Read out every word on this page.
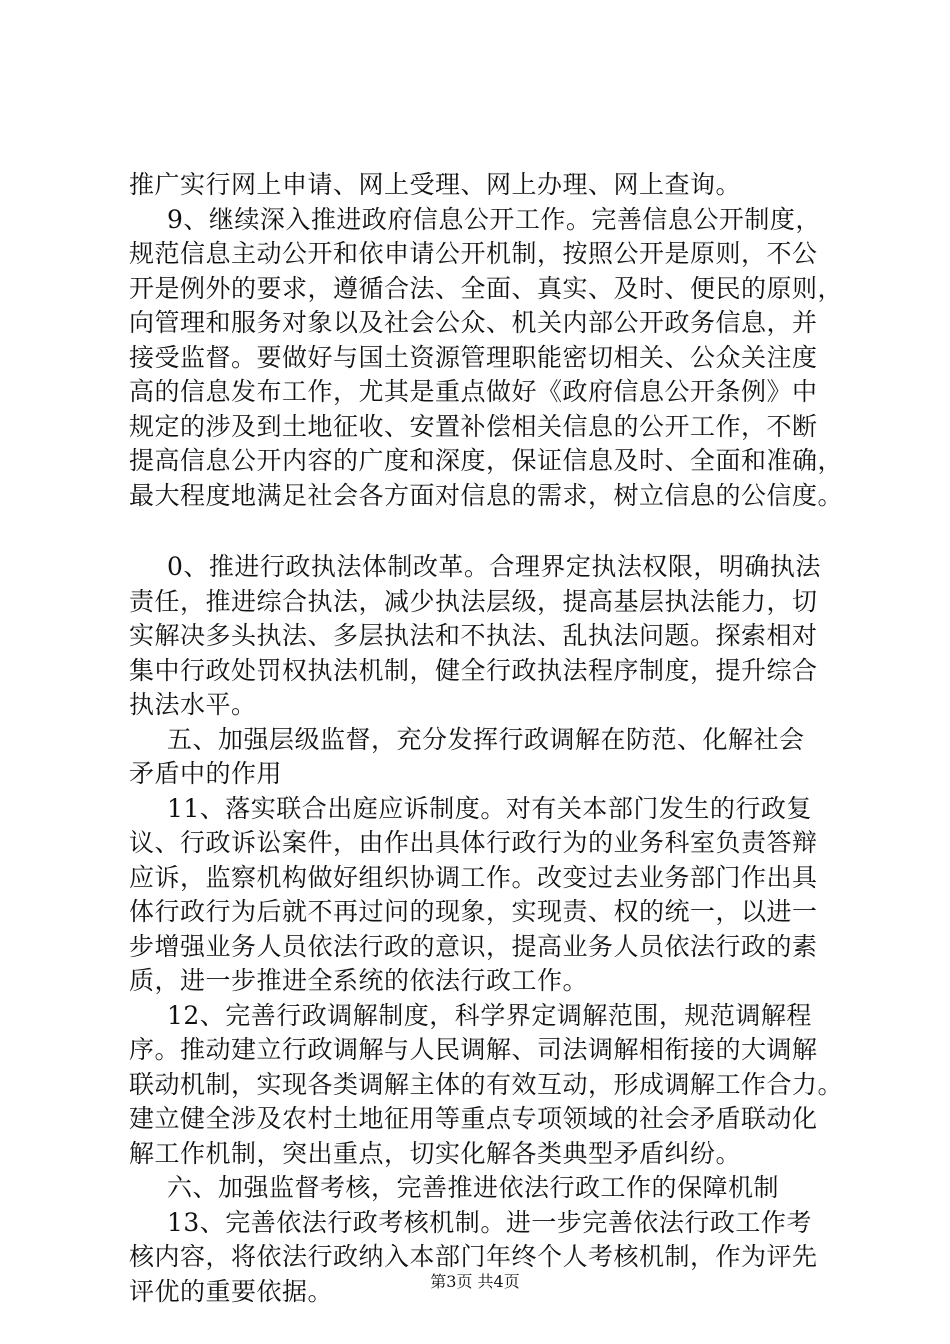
推广实行网上申请、网上受理、网上办理、网上查询。
9、继续深入推进政府信息公开工作。完善信息公开制度，
规范信息主动公开和依申请公开机制，按照公开是原则，不公
开是例外的要求，遵循合法、全面、真实、及时、便民的原则，
向管理和服务对象以及社会公众、机关内部公开政务信息，并
接受监督。要做好与国土资源管理职能密切相关、公众关注度
高的信息发布工作，尤其是重点做好《政府信息公开条例》中
规定的涉及到土地征收、安置补偿相关信息的公开工作，不断
提高信息公开内容的广度和深度，保证信息及时、全面和准确，
最大程度地满足社会各方面对信息的需求，树立信息的公信度。
0、推进行政执法体制改革。合理界定执法权限，明确执法
责任，推进综合执法，减少执法层级，提高基层执法能力，切
实解决多头执法、多层执法和不执法、乱执法问题。探索相对
集中行政处罚权执法机制，健全行政执法程序制度，提升综合
执法水平。
五、加强层级监督，充分发挥行政调解在防范、化解社会
矛盾中的作用
11、落实联合出庭应诉制度。对有关本部门发生的行政复
议、行政诉讼案件，由作出具体行政行为的业务科室负责答辩
应诉，监察机构做好组织协调工作。改变过去业务部门作出具
体行政行为后就不再过问的现象，实现责、权的统一，以进一
步增强业务人员依法行政的意识，提高业务人员依法行政的素
质，进一步推进全系统的依法行政工作。
12、完善行政调解制度，科学界定调解范围，规范调解程
序。推动建立行政调解与人民调解、司法调解相衔接的大调解
联动机制，实现各类调解主体的有效互动，形成调解工作合力。
建立健全涉及农村土地征用等重点专项领域的社会矛盾联动化
解工作机制，突出重点，切实化解各类典型矛盾纠纷。
六、加强监督考核，完善推进依法行政工作的保障机制
13、完善依法行政考核机制。进一步完善依法行政工作考
核内容，将依法行政纳入本部门年终个人考核机制，作为评先
评优的重要依据。	第3页 共4页
